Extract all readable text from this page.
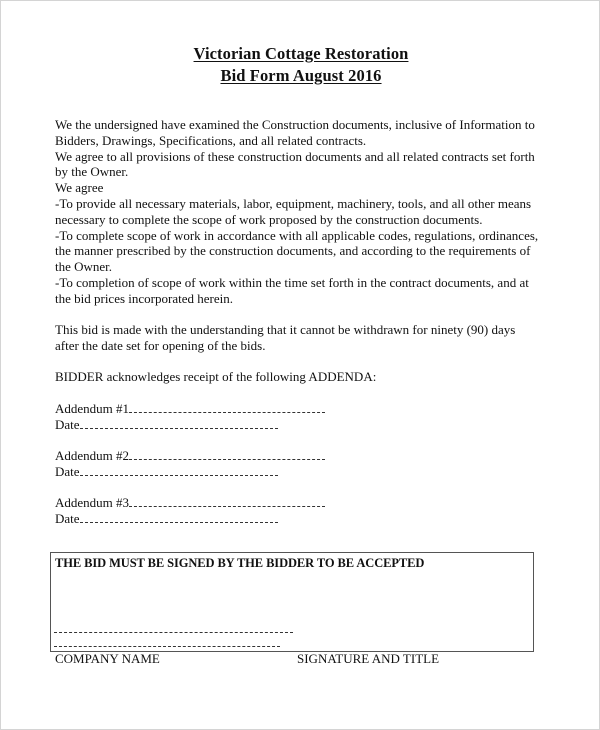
Victorian Cottage Restoration
Bid Form August 2016
We the undersigned have examined the Construction documents, inclusive of Information to
Bidders, Drawings, Specifications, and all related contracts.
We agree to all provisions of these construction documents and all related contracts set forth
by the Owner.
We agree
-To provide all necessary materials, labor, equipment, machinery, tools, and all other means
necessary to complete the scope of work proposed by the construction documents.
-To complete scope of work in accordance with all applicable codes, regulations, ordinances,
the manner prescribed by the construction documents, and according to the requirements of
the Owner.
-To completion of scope of work within the time set forth in the contract documents, and at
the bid prices incorporated herein.
This bid is made with the understanding that it cannot be withdrawn for ninety (90) days
after the date set for opening of the bids.
BIDDER acknowledges receipt of the following ADDENDA:
Addendum #1
Date
Addendum #2
Date
Addendum #3
Date
THE BID MUST BE SIGNED BY THE BIDDER TO BE ACCEPTED
COMPANY NAME	SIGNATURE AND TITLE
